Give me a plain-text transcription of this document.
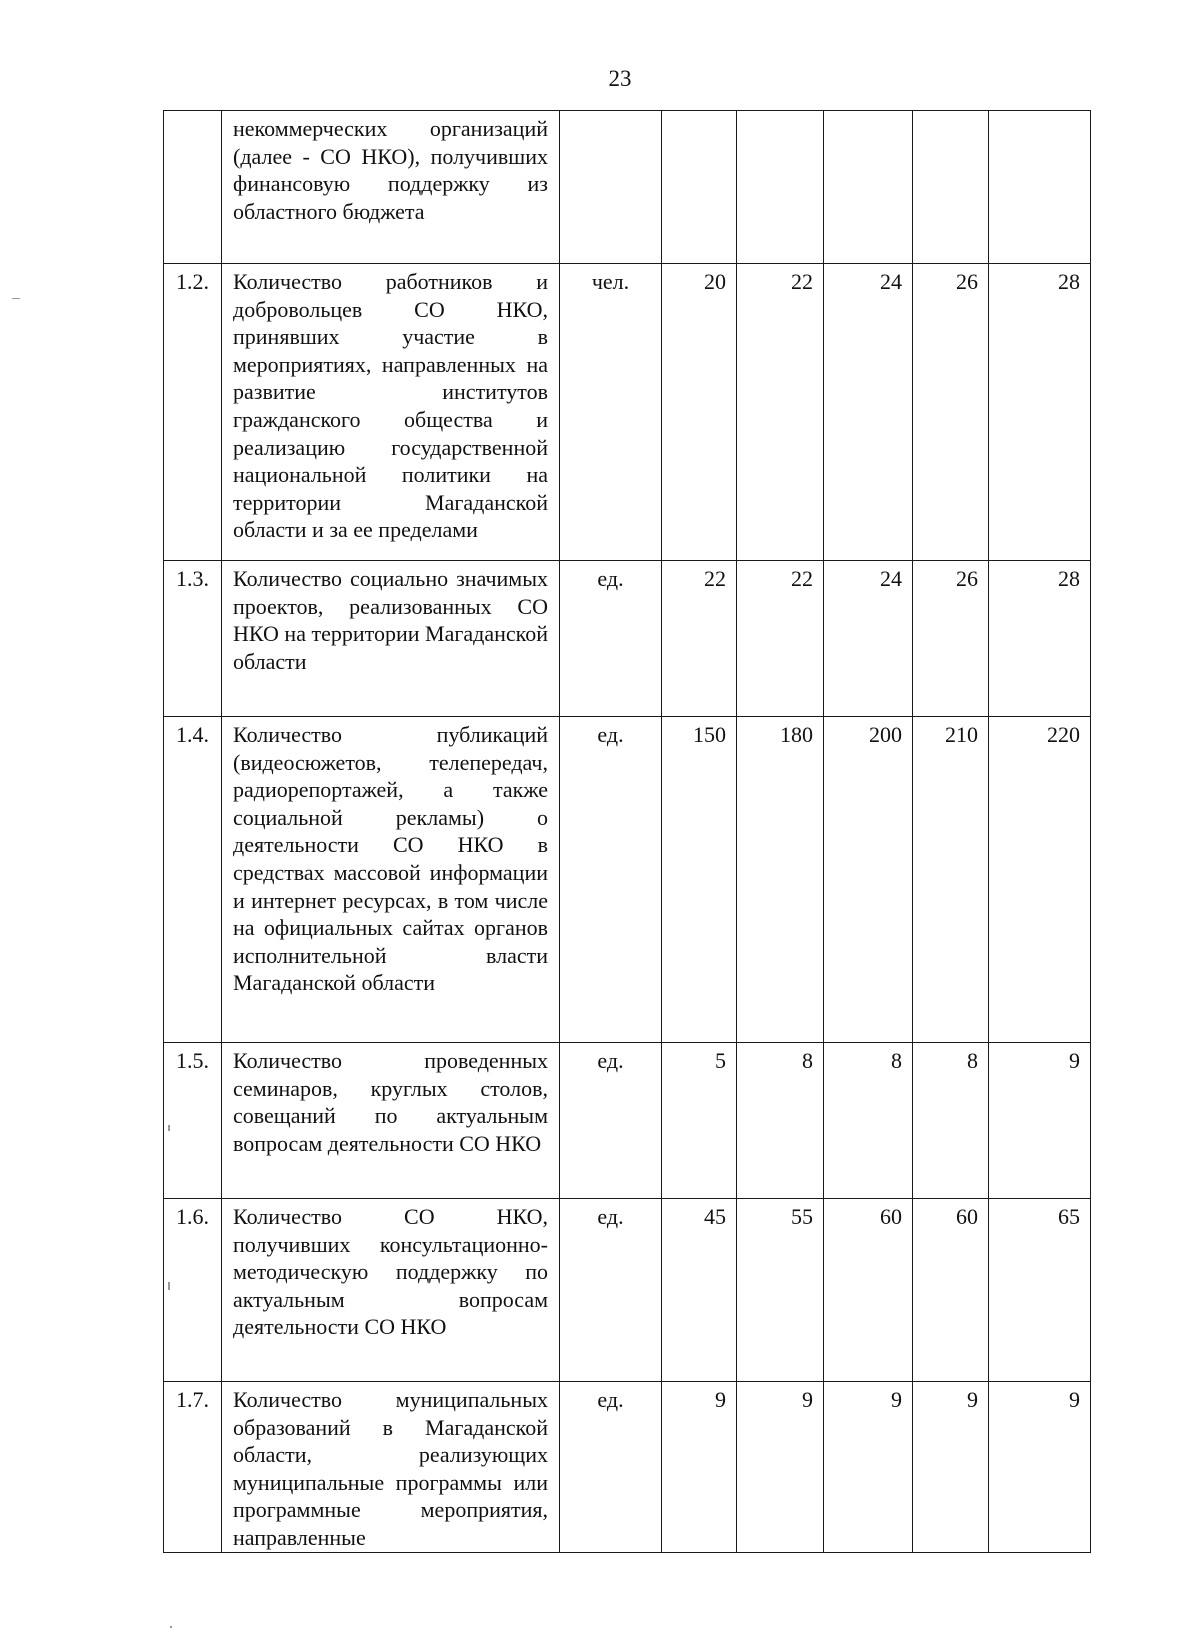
23

	некоммерческих организаций (далее - СО НКО), получивших финансовую поддержку из областного бюджета						

1.2.	Количество работников и добровольцев СО НКО, принявших участие в мероприятиях, направленных на развитие институтов гражданского общества и реализацию государственной национальной политики на территории Магаданской области и за ее пределами	чел.	20	22	24	26	28
1.3.	Количество социально значимых проектов, реализованных СО НКО на территории Магаданской области	ед.	22	22	24	26	28
1.4.	Количество публикаций (видеосюжетов, телепередач, радиорепортажей, а также социальной рекламы) о деятельности СО НКО в средствах массовой информации и интернет ресурсах, в том числе на официальных сайтах органов исполнительной власти Магаданской области	ед.	150	180	200	210	220
1.5.	Количество проведенных семинаров, круглых столов, совещаний по актуальным вопросам деятельности СО НКО	ед.	5	8	8	8	9
1.6.	Количество СО НКО, получивших консультационно-методическую поддержку по актуальным вопросам деятельности СО НКО	ед.	45	55	60	60	65
1.7.	Количество муниципальных образований в Магаданской области, реализующих муниципальные программы или программные мероприятия, направленные	ед.	9	9	9	9	9
